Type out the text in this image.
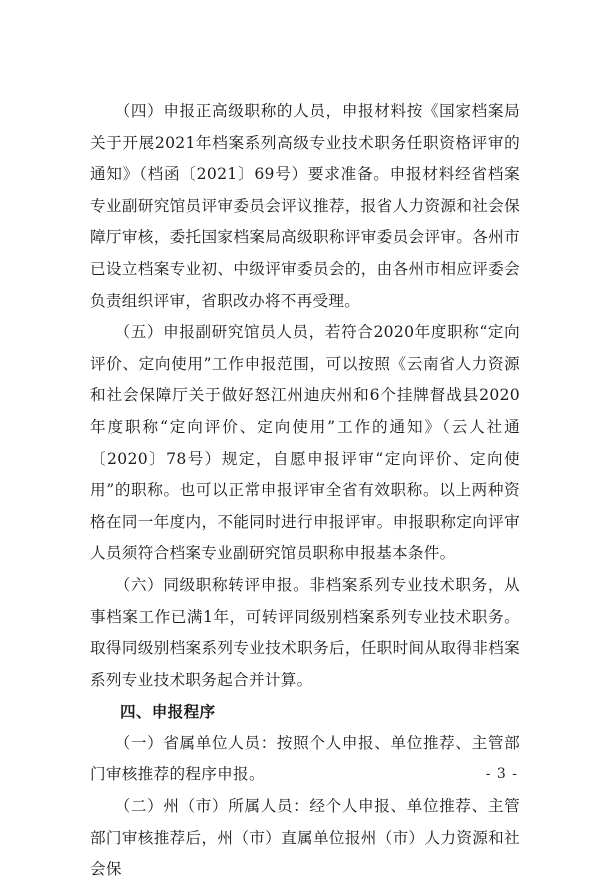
　　（四）申报正高级职称的人员，申报材料按《国家档案局关于开展2021年档案系列高级专业技术职务任职资格评审的通知》（档函〔2021〕69号）要求准备。申报材料经省档案专业副研究馆员评审委员会评议推荐，报省人力资源和社会保障厅审核，委托国家档案局高级职称评审委员会评审。各州市已设立档案专业初、中级评审委员会的，由各州市相应评委会负责组织评审，省职改办将不再受理。

　　（五）申报副研究馆员人员，若符合2020年度职称“定向评价、定向使用”工作申报范围，可以按照《云南省人力资源和社会保障厅关于做好怒江州迪庆州和6个挂牌督战县2020年度职称“定向评价、定向使用”工作的通知》（云人社通〔2020〕78号）规定，自愿申报评审“定向评价、定向使用”的职称。也可以正常申报评审全省有效职称。以上两种资格在同一年度内，不能同时进行申报评审。申报职称定向评审人员须符合档案专业副研究馆员职称申报基本条件。

　　（六）同级职称转评申报。非档案系列专业技术职务，从事档案工作已满1年，可转评同级别档案系列专业技术职务。取得同级别档案系列专业技术职务后，任职时间从取得非档案系列专业技术职务起合并计算。

四、申报程序

　　（一）省属单位人员：按照个人申报、单位推荐、主管部门审核推荐的程序申报。

　　（二）州（市）所属人员：经个人申报、单位推荐、主管部门审核推荐后，州（市）直属单位报州（市）人力资源和社会保

- 3 -
